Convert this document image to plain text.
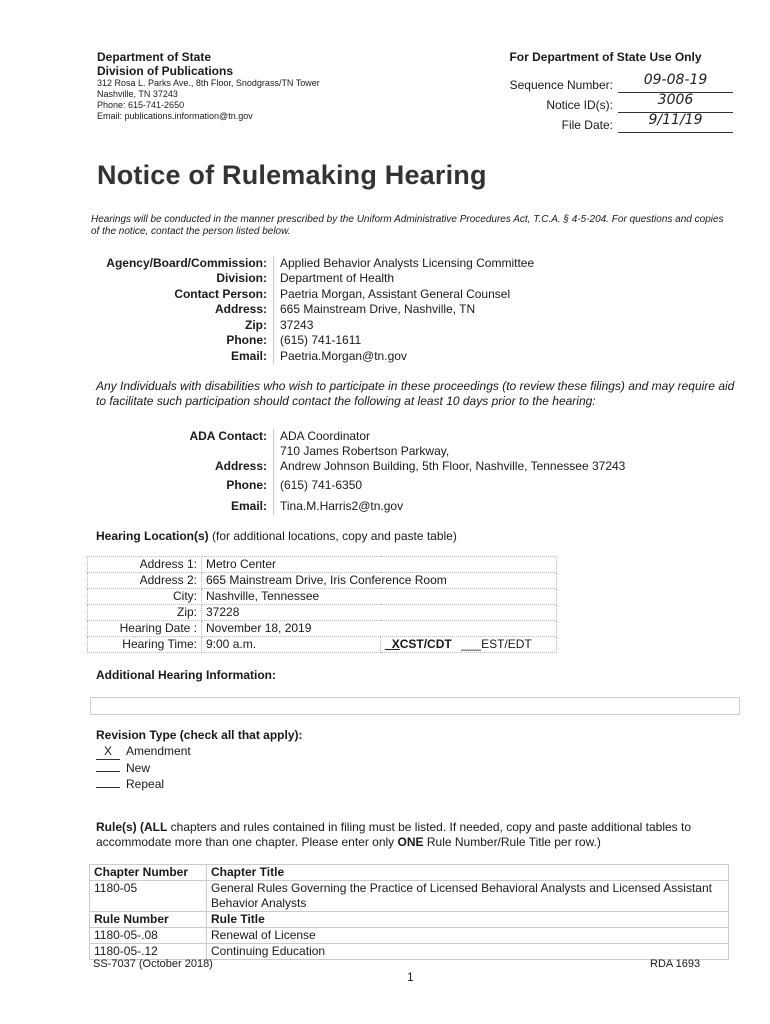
Department of State
Division of Publications
312 Rosa L. Parks Ave., 8th Floor, Snodgrass/TN Tower
Nashville, TN 37243
Phone: 615-741-2650
Email: publications.information@tn.gov
For Department of State Use Only
Sequence Number:	09-08-19
Notice ID(s):	3006
File Date:	9/11/19
Notice of Rulemaking Hearing
Hearings will be conducted in the manner prescribed by the Uniform Administrative Procedures Act, T.C.A. § 4-5-204. For questions and copies of the notice, contact the person listed below.
Agency/Board/Commission: Applied Behavior Analysts Licensing Committee
Division: Department of Health
Contact Person: Paetria Morgan, Assistant General Counsel
Address: 665 Mainstream Drive, Nashville, TN
Zip: 37243
Phone: (615) 741-1611
Email: Paetria.Morgan@tn.gov
Any Individuals with disabilities who wish to participate in these proceedings (to review these filings) and may require aid to facilitate such participation should contact the following at least 10 days prior to the hearing:
ADA Contact: ADA Coordinator
710 James Robertson Parkway,
Address: Andrew Johnson Building, 5th Floor, Nashville, Tennessee 37243
Phone: (615) 741-6350
Email: Tina.M.Harris2@tn.gov
Hearing Location(s) (for additional locations, copy and paste table)
Address 1:	Metro Center	
Address 2:	665 Mainstream Drive, Iris Conference Room	
City:	Nashville, Tennessee	
Zip:	37228	
Hearing Date :	November 18, 2019	
Hearing Time:	9:00 a.m.	_XCST/CDT ___EST/EDT
Additional Hearing Information:
Revision Type (check all that apply):
X Amendment
New
Repeal
Rule(s) (ALL chapters and rules contained in filing must be listed. If needed, copy and paste additional tables to accommodate more than one chapter. Please enter only ONE Rule Number/Rule Title per row.)
Chapter Number	Chapter Title
1180-05	General Rules Governing the Practice of Licensed Behavioral Analysts and Licensed Assistant Behavior Analysts
Rule Number	Rule Title
1180-05-.08	Renewal of License
1180-05-.12	Continuing Education
SS-7037 (October 2018)
1
RDA 1693
